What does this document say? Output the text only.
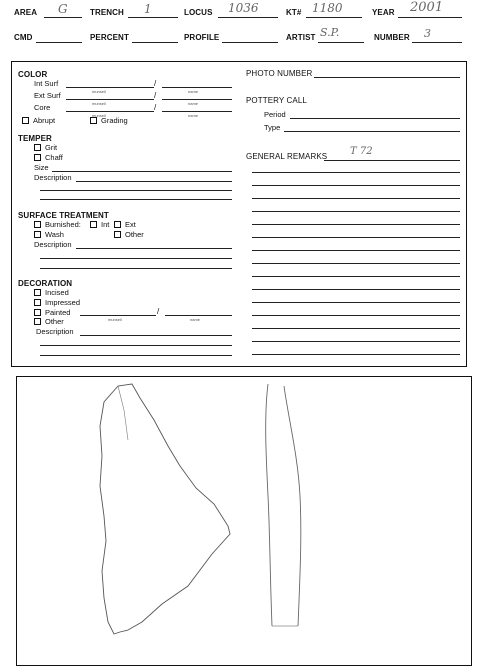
AREA G	TRENCH 1	LOCUS 1036	KT# 1180	YEAR 2001
CMD	PERCENT	PROFILE	ARTIST S.P.	NUMBER 3
COLOR
Int Surf	/
munsell	name
Ext Surf	/
munsell	name
Core	/
munsell	name
Abrupt	Grading
TEMPER
Grit
Chaff
Size
Description
SURFACE TREATMENT
Burnished:	Int	Ext
Wash	Other
Description
DECORATION
Incised
Impressed
Painted	/
munsell	name
Other
Description
PHOTO NUMBER
POTTERY CALL
Period
Type
GENERAL REMARKS T 72
